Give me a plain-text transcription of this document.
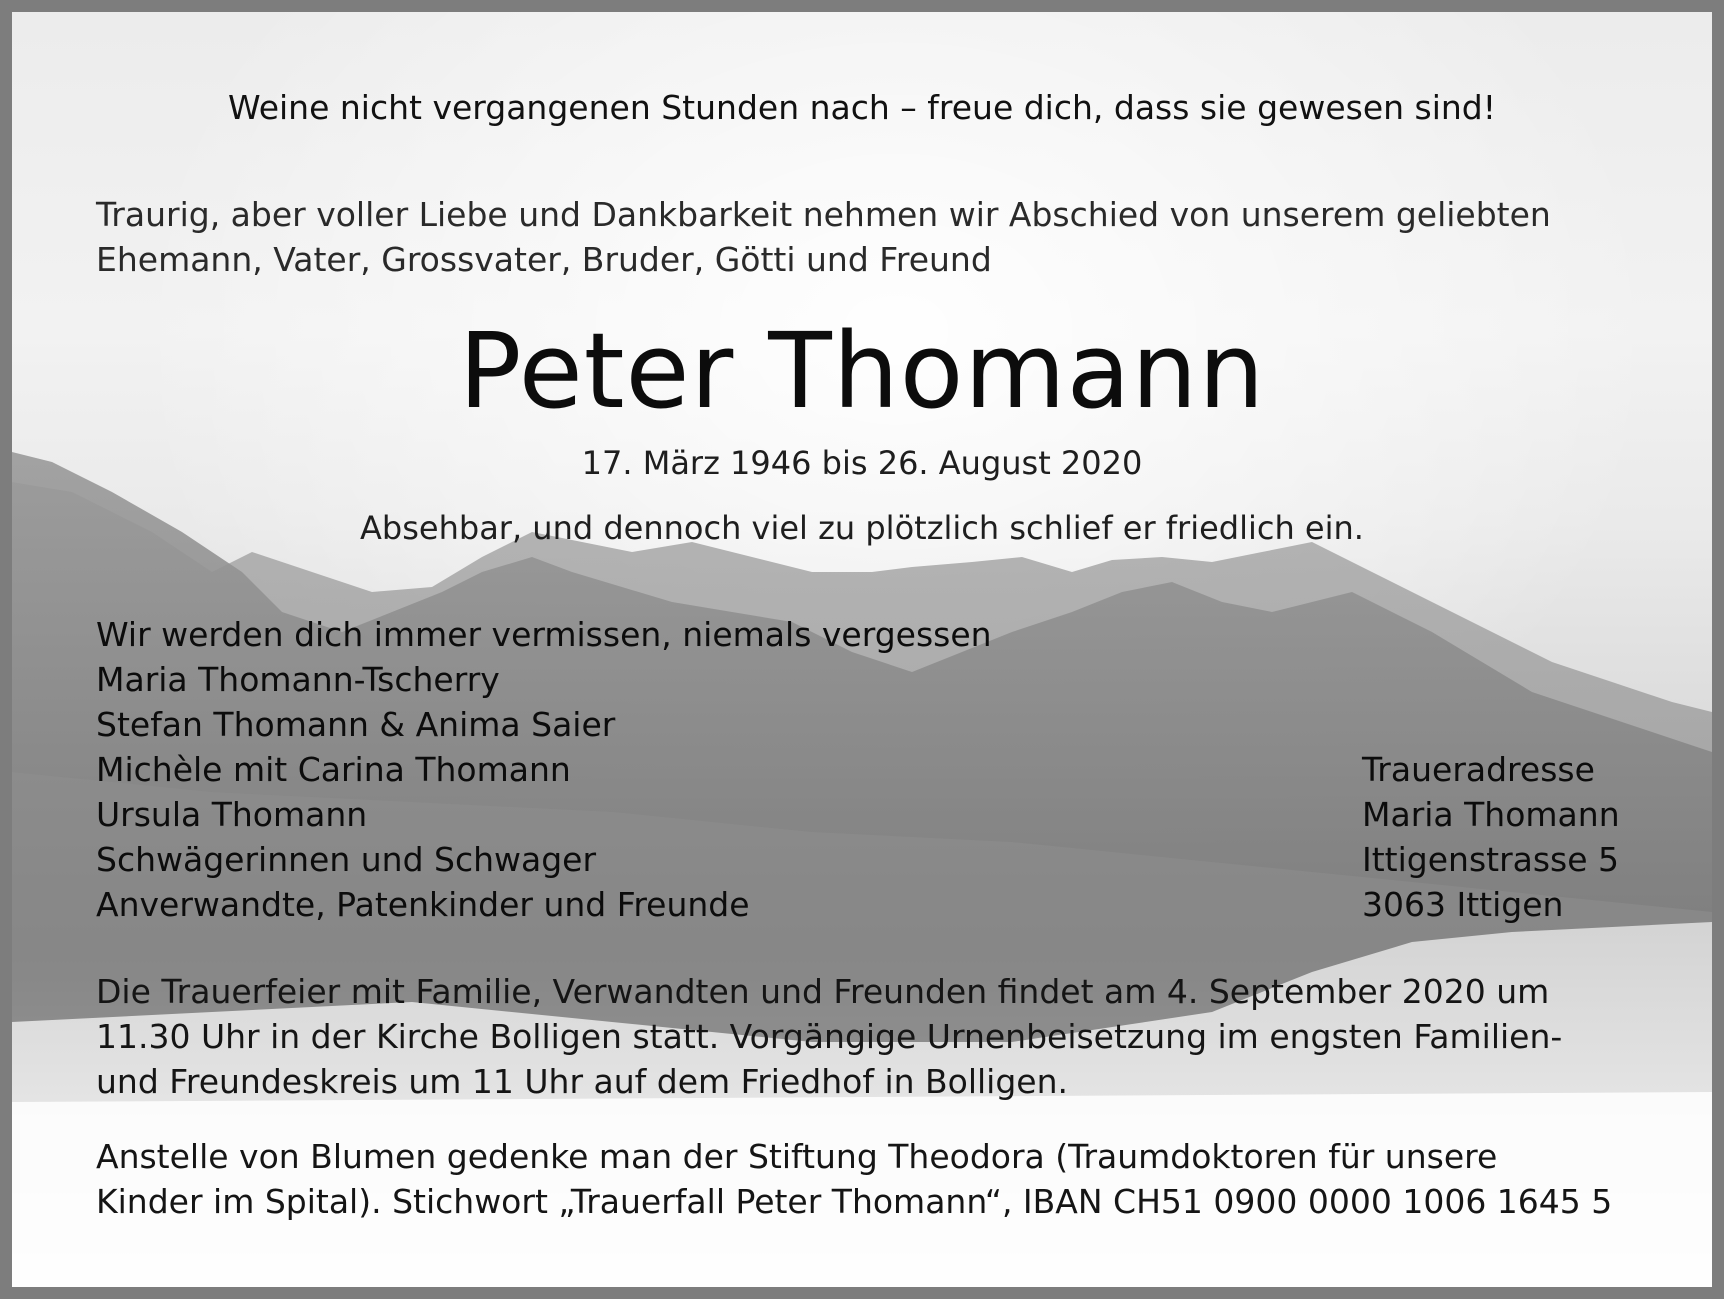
Weine nicht vergangenen Stunden nach – freue dich, dass sie gewesen sind!
Traurig, aber voller Liebe und Dankbarkeit nehmen wir Abschied von unserem geliebten
Ehemann, Vater, Grossvater, Bruder, Götti und Freund
Peter Thomann
17. März 1946 bis 26. August 2020
Absehbar, und dennoch viel zu plötzlich schlief er friedlich ein.
Wir werden dich immer vermissen, niemals vergessen
Maria Thomann-Tscherry
Stefan Thomann & Anima Saier
Michèle mit Carina Thomann
Ursula Thomann
Schwägerinnen und Schwager
Anverwandte, Patenkinder und Freunde
Traueradresse
Maria Thomann
Ittigenstrasse 5
3063 Ittigen
Die Trauerfeier mit Familie, Verwandten und Freunden findet am 4. September 2020 um
11.30 Uhr in der Kirche Bolligen statt. Vorgängige Urnenbeisetzung im engsten Familien-
und Freundeskreis um 11 Uhr auf dem Friedhof in Bolligen.
Anstelle von Blumen gedenke man der Stiftung Theodora (Traumdoktoren für unsere
Kinder im Spital). Stichwort „Trauerfall Peter Thomann“, IBAN CH51 0900 0000 1006 1645 5
